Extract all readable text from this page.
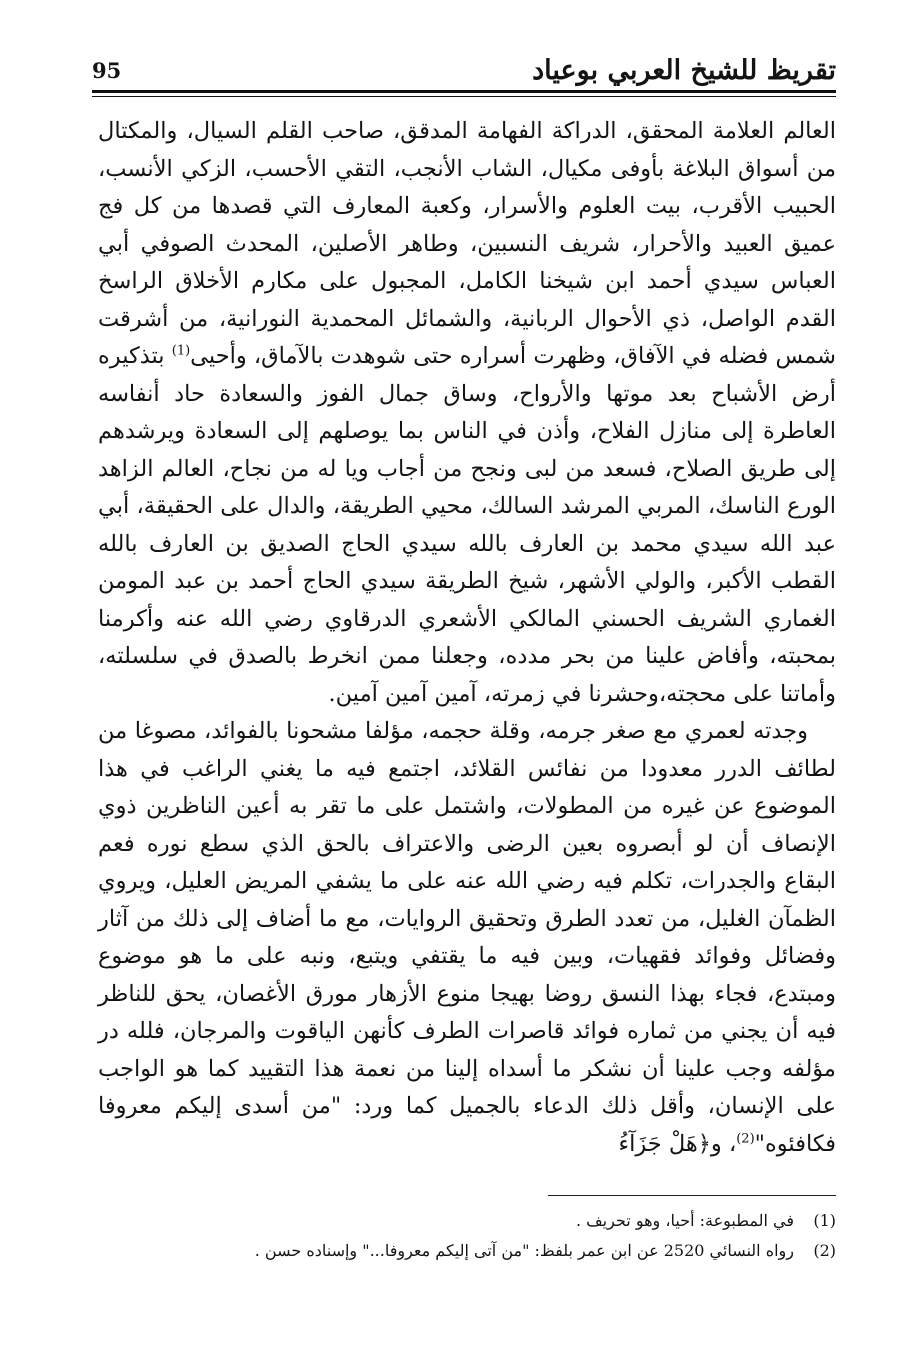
تقريظ للشيخ العربي بوعياد
95

العالم العلامة المحقق، الدراكة الفهامة المدقق، صاحب القلم السيال، والمكتال من أسواق البلاغة بأوفى مكيال، الشاب الأنجب، التقي الأحسب، الزكي الأنسب، الحبيب الأقرب، بيت العلوم والأسرار، وكعبة المعارف التي قصدها من كل فج عميق العبيد والأحرار، شريف النسبين، وطاهر الأصلين، المحدث الصوفي أبي العباس سيدي أحمد ابن شيخنا الكامل، المجبول على مكارم الأخلاق الراسخ القدم الواصل، ذي الأحوال الربانية، والشمائل المحمدية النورانية، من أشرقت شمس فضله في الآفاق، وظهرت أسراره حتى شوهدت بالآماق، وأحيى$^{(1)}$ بتذكيره أرض الأشباح بعد موتها والأرواح، وساق جمال الفوز والسعادة حاد أنفاسه العاطرة إلى منازل الفلاح، وأذن في الناس بما يوصلهم إلى السعادة ويرشدهم إلى طريق الصلاح، فسعد من لبى ونجح من أجاب ويا له من نجاح، العالم الزاهد الورع الناسك، المربي المرشد السالك، محيي الطريقة، والدال على الحقيقة، أبي عبد الله سيدي محمد بن العارف بالله سيدي الحاج الصديق بن العارف بالله القطب الأكبر، والولي الأشهر، شيخ الطريقة سيدي الحاج أحمد بن عبد المومن الغماري الشريف الحسني المالكي الأشعري الدرقاوي رضي الله عنه وأكرمنا بمحبته، وأفاض علينا من بحر مدده، وجعلنا ممن انخرط بالصدق في سلسلته، وأماتنا على محجته،وحشرنا في زمرته، آمين آمين آمين.

وجدته لعمري مع صغر جرمه، وقلة حجمه، مؤلفا مشحونا بالفوائد، مصوغا من لطائف الدرر معدودا من نفائس القلائد، اجتمع فيه ما يغني الراغب في هذا الموضوع عن غيره من المطولات، واشتمل على ما تقر به أعين الناظرين ذوي الإنصاف أن لو أبصروه بعين الرضى والاعتراف بالحق الذي سطع نوره فعم البقاع والجدرات، تكلم فيه رضي الله عنه على ما يشفي المريض العليل، ويروي الظمآن الغليل، من تعدد الطرق وتحقيق الروايات، مع ما أضاف إلى ذلك من آثار وفضائل وفوائد فقهيات، وبين فيه ما يقتفي ويتبع، ونبه على ما هو موضوع ومبتدع، فجاء بهذا النسق روضا بهيجا منوع الأزهار مورق الأغصان، يحق للناظر فيه أن يجني من ثماره فوائد قاصرات الطرف كأنهن الياقوت والمرجان، فلله در مؤلفه وجب علينا أن نشكر ما أسداه إلينا من نعمة هذا التقييد كما هو الواجب على الإنسان، وأقل ذلك الدعاء بالجميل كما ورد: "من أسدى إليكم معروفا فكافئوه"$^{(2)}$، و﴿هَلْ جَزَآءُ

(1)
في المطبوعة: أحيا، وهو تحريف .
(2)
رواه النسائي 2520 عن ابن عمر بلفظ: "من آتى إليكم معروفا..." وإسناده حسن .
